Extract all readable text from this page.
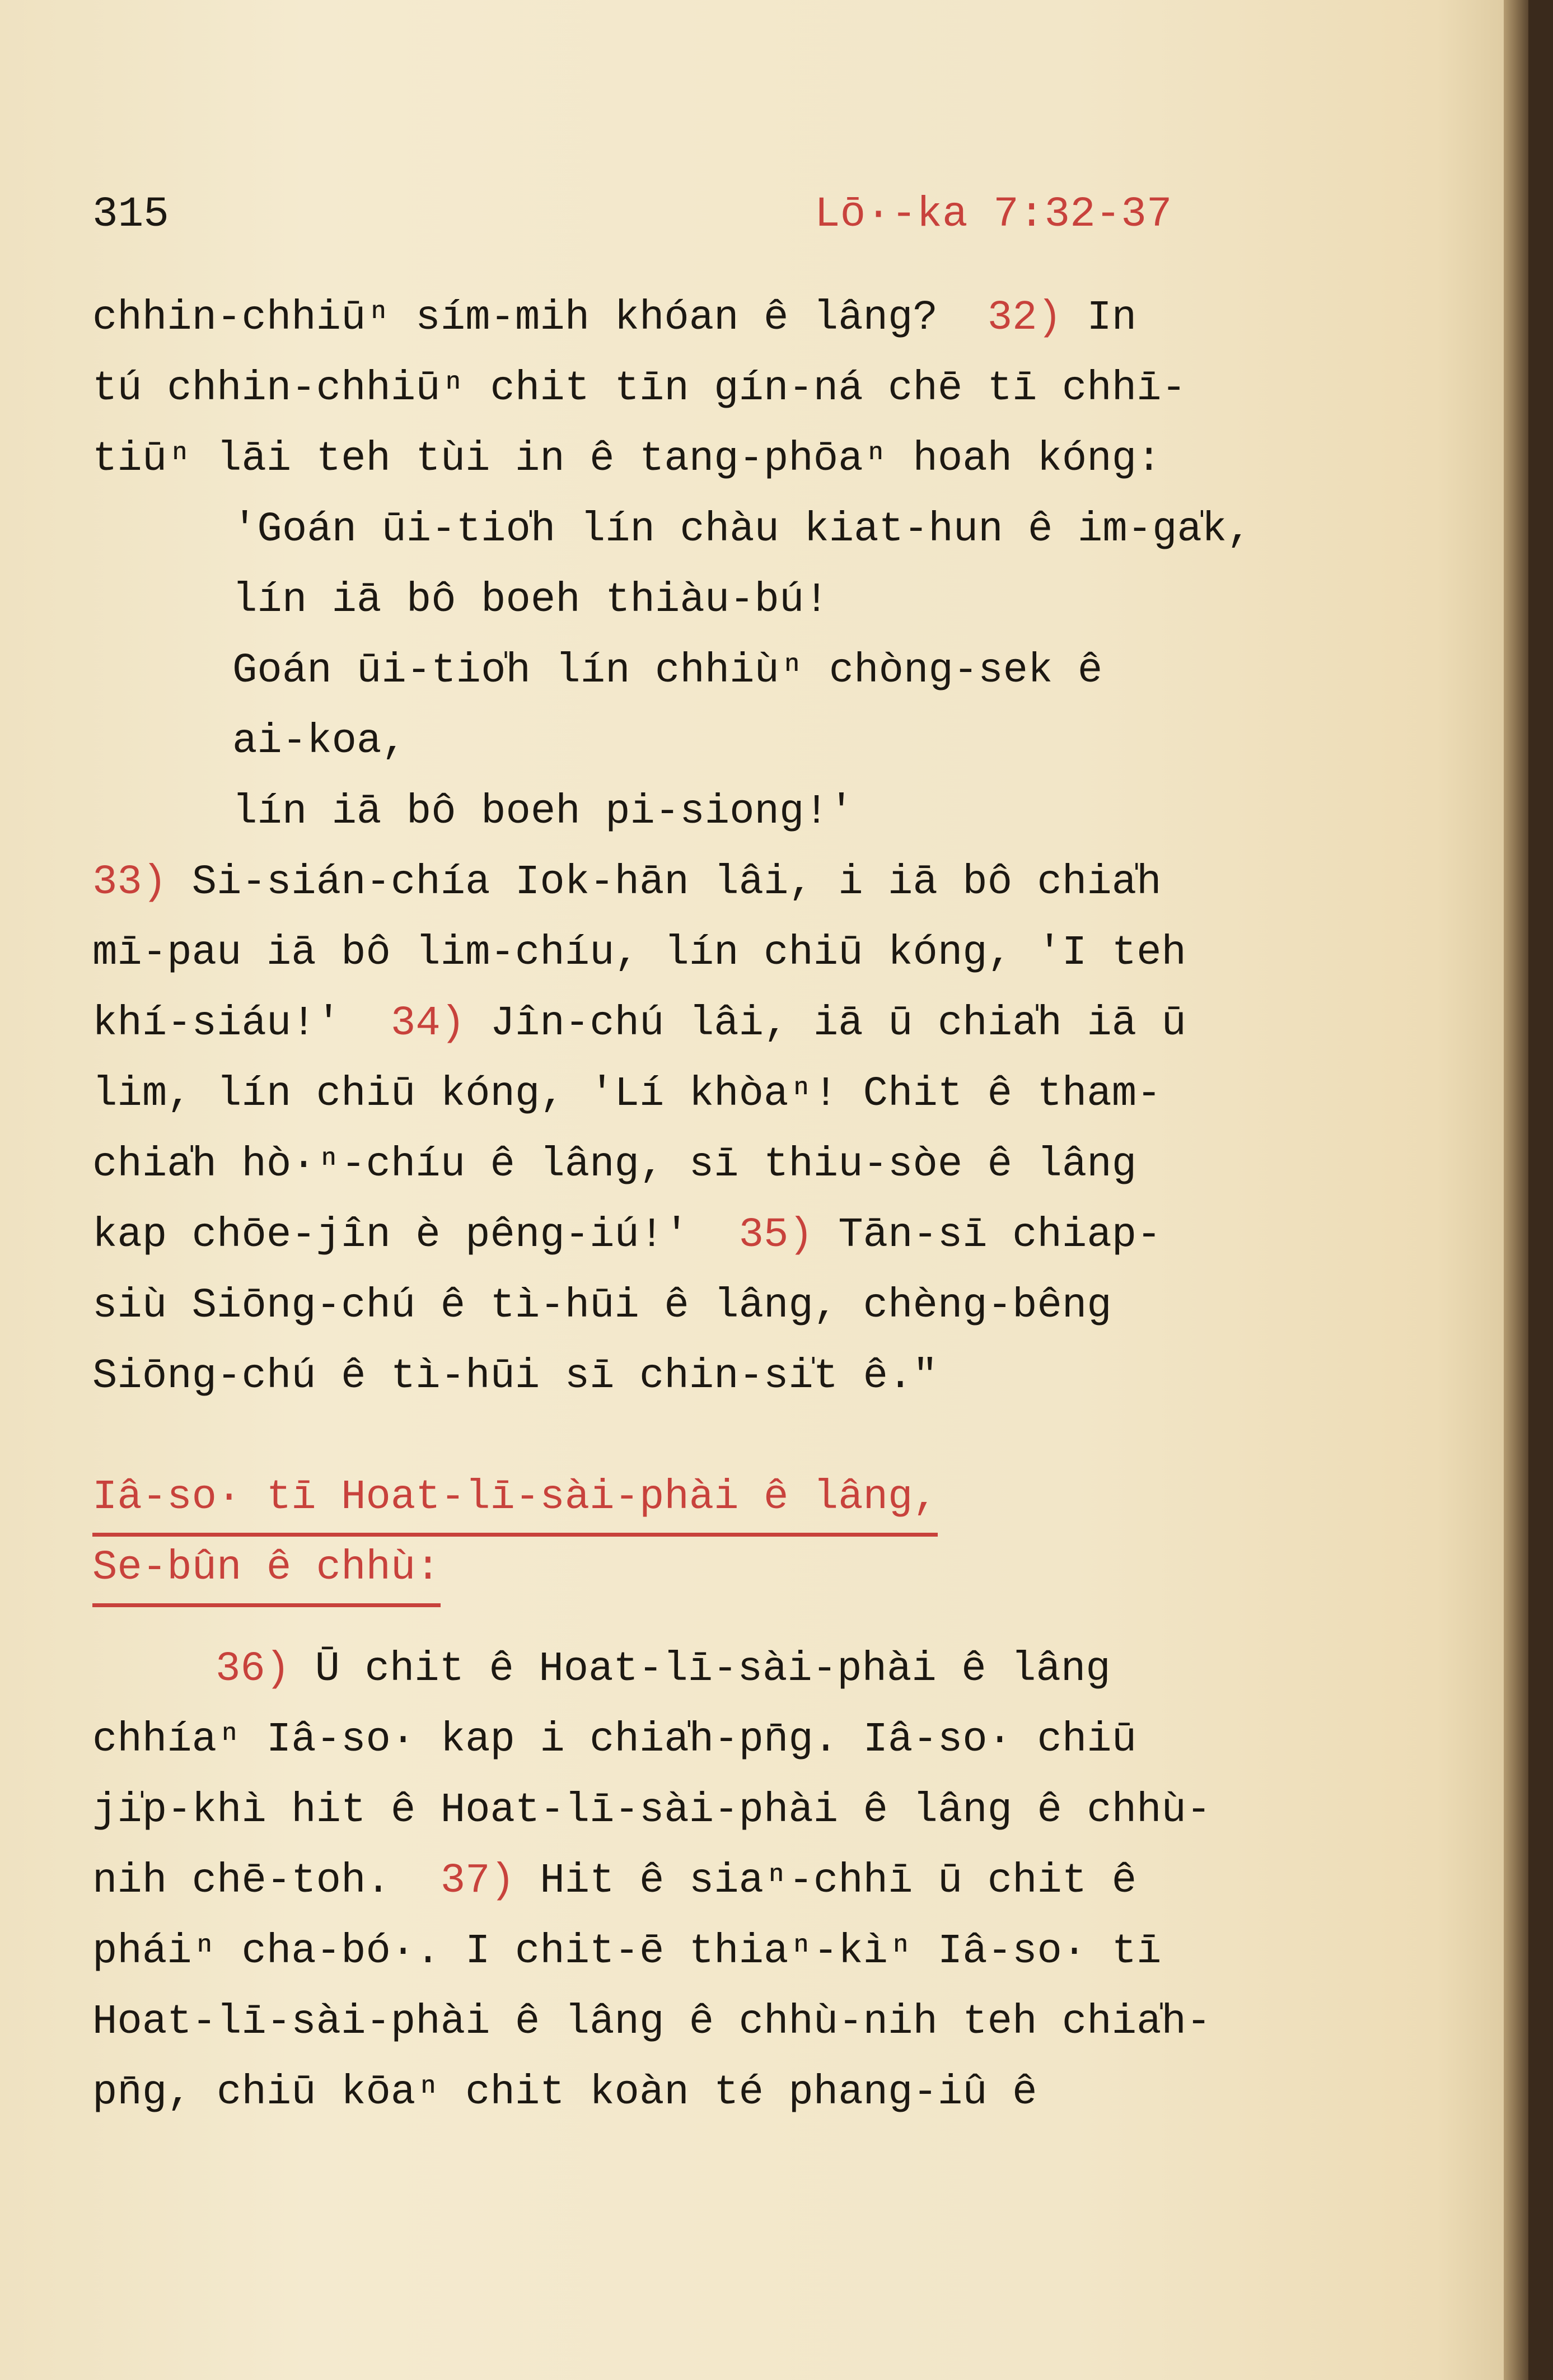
315	Lō·-ka 7:32-37
chhin-chhiūⁿ sím-mih khóan ê lâng? 32) In
tú chhin-chhiūⁿ chit tīn gín-ná chē tī chhī-
tiūⁿ lāi teh tùi in ê tang-phōaⁿ hoah kóng:
'Goán ūi-tio̍h lín chàu kiat-hun ê im-ga̍k,
lín iā bô boeh thiàu-bú!
Goán ūi-tio̍h lín chhiùⁿ chòng-sek ê
ai-koa,
lín iā bô boeh pi-siong!'
33) Si-sián-chía Iok-hān lâi, i iā bô chia̍h
mī-pau iā bô lim-chíu, lín chiū kóng, 'I teh
khí-siáu!' 34) Jîn-chú lâi, iā ū chia̍h iā ū
lim, lín chiū kóng, 'Lí khòaⁿ! Chit ê tham-
chia̍h hò·ⁿ-chíu ê lâng, sī thiu-sòe ê lâng
kap chōe-jîn è pêng-iú!' 35) Tān-sī chiap-
siù Siōng-chú ê tì-hūi ê lâng, chèng-bêng
Siōng-chú ê tì-hūi sī chin-si̍t ê."
Iâ-so· tī Hoat-lī-sài-phài ê lâng,
Se-bûn ê chhù:
36) Ū chit ê Hoat-lī-sài-phài ê lâng
chhíaⁿ Iâ-so· kap i chia̍h-pn̄g. Iâ-so· chiū
ji̍p-khì hit ê Hoat-lī-sài-phài ê lâng ê chhù-
nih chē-toh. 37) Hit ê siaⁿ-chhī ū chit ê
pháiⁿ cha-bó·. I chit-ē thiaⁿ-kìⁿ Iâ-so· tī
Hoat-lī-sài-phài ê lâng ê chhù-nih teh chia̍h-
pn̄g, chiū kōaⁿ chit koàn té phang-iû ê
